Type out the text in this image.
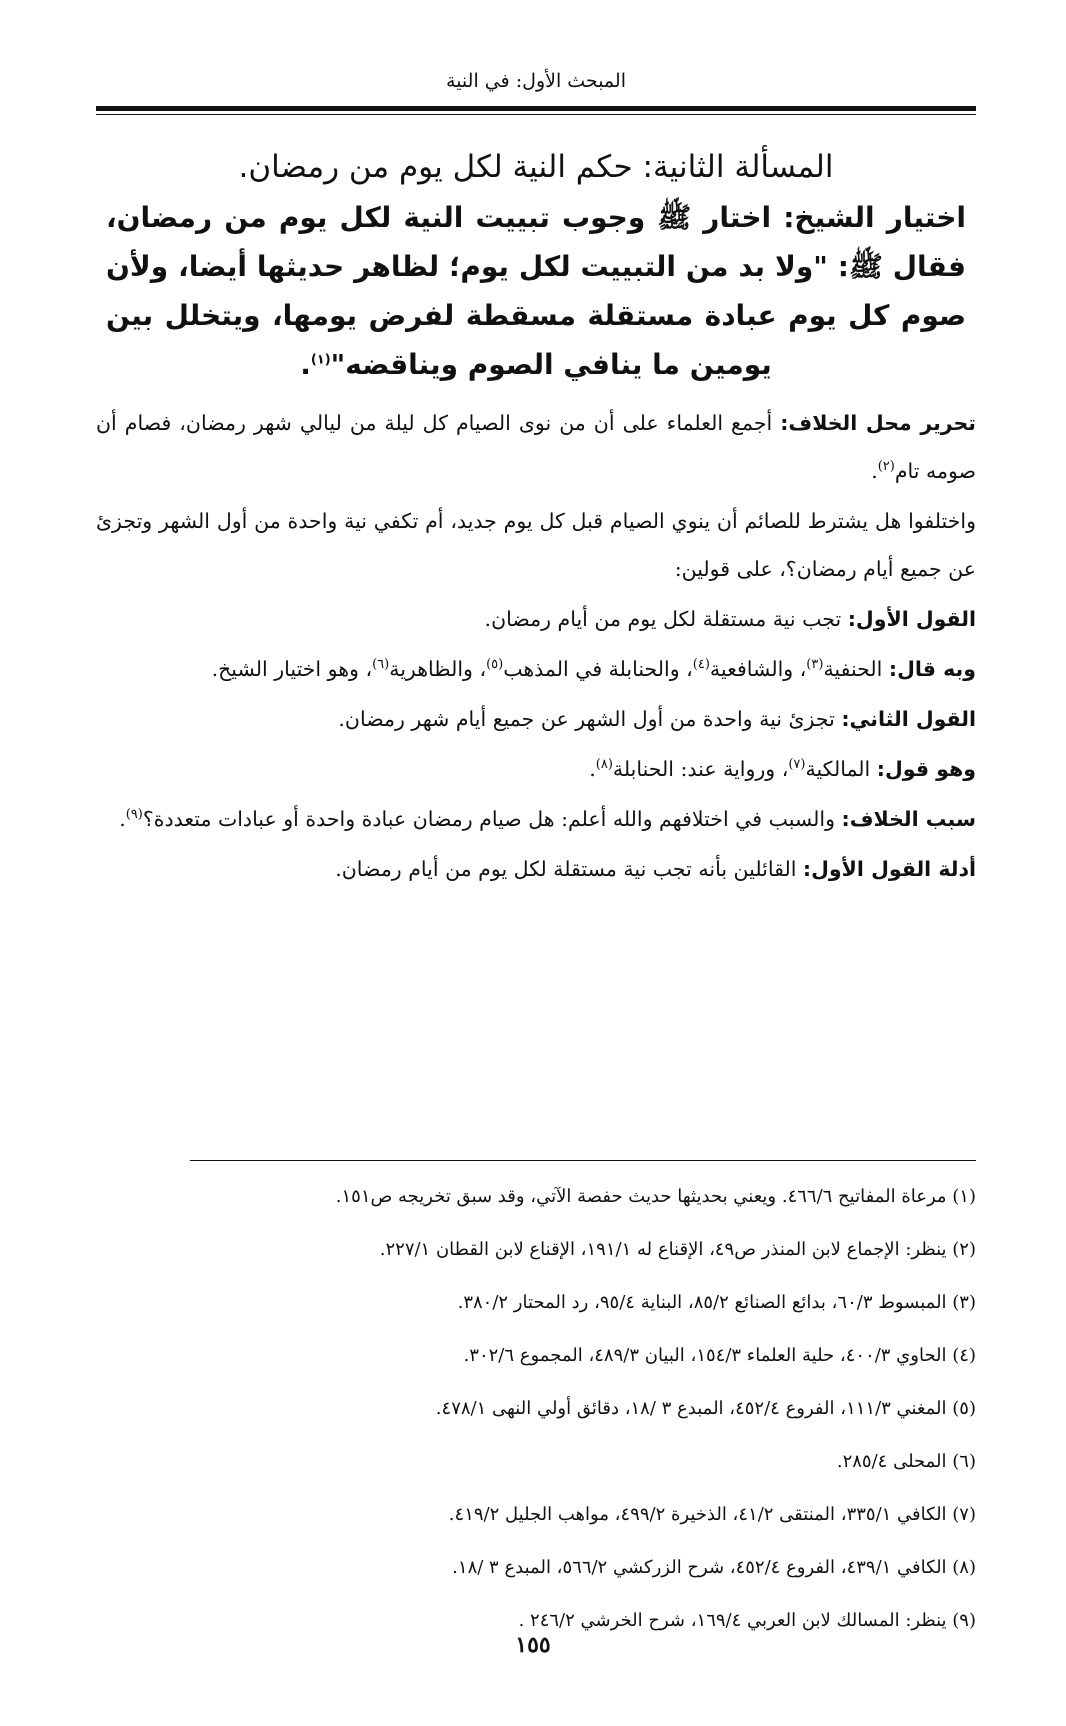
المبحث الأول: في النية

المسألة الثانية: حكم النية لكل يوم من رمضان.

اختيار الشيخ: اختار ﷺ وجوب تبييت النية لكل يوم من رمضان، فقال ﷺ: "ولا بد من التبييت لكل يوم؛ لظاهر حديثها أيضا، ولأن صوم كل يوم عبادة مستقلة مسقطة لفرض يومها، ويتخلل بين يومين ما ينافي الصوم ويناقضه"$^{(١)}$.

تحرير محل الخلاف: أجمع العلماء على أن من نوى الصيام كل ليلة من ليالي شهر رمضان، فصام أن صومه تام$^{(٢)}$.

واختلفوا هل يشترط للصائم أن ينوي الصيام قبل كل يوم جديد، أم تكفي نية واحدة من أول الشهر وتجزئ عن جميع أيام رمضان؟، على قولين:

القول الأول: تجب نية مستقلة لكل يوم من أيام رمضان.

وبه قال: الحنفية$^{(٣)}$، والشافعية$^{(٤)}$، والحنابلة في المذهب$^{(٥)}$، والظاهرية$^{(٦)}$، وهو اختيار الشيخ.

القول الثاني: تجزئ نية واحدة من أول الشهر عن جميع أيام شهر رمضان.

وهو قول: المالكية$^{(٧)}$، ورواية عند: الحنابلة$^{(٨)}$.

سبب الخلاف: والسبب في اختلافهم والله أعلم: هل صيام رمضان عبادة واحدة أو عبادات متعددة؟$^{(٩)}$.

أدلة القول الأول: القائلين بأنه تجب نية مستقلة لكل يوم من أيام رمضان.

(١) مرعاة المفاتيح ٤٦٦/٦. ويعني بحديثها حديث حفصة الآتي، وقد سبق تخريجه ص١٥١.

(٢) ينظر: الإجماع لابن المنذر ص٤٩، الإقناع له ١٩١/١، الإقناع لابن القطان ٢٢٧/١.

(٣) المبسوط ٦٠/٣، بدائع الصنائع ٨٥/٢، البناية ٩٥/٤، رد المحتار ٣٨٠/٢.

(٤) الحاوي ٤٠٠/٣، حلية العلماء ١٥٤/٣، البيان ٤٨٩/٣، المجموع ٣٠٢/٦.

(٥) المغني ١١١/٣، الفروع ٤٥٢/٤، المبدع ٣ /١٨، دقائق أولي النهى ٤٧٨/١.

(٦) المحلى ٢٨٥/٤.

(٧) الكافي ٣٣٥/١، المنتقى ٤١/٢، الذخيرة ٤٩٩/٢، مواهب الجليل ٤١٩/٢.

(٨) الكافي ٤٣٩/١، الفروع ٤٥٢/٤، شرح الزركشي ٥٦٦/٢، المبدع ٣ /١٨.

(٩) ينظر: المسالك لابن العربي ١٦٩/٤، شرح الخرشي ٢٤٦/٢ .

١٥٥
